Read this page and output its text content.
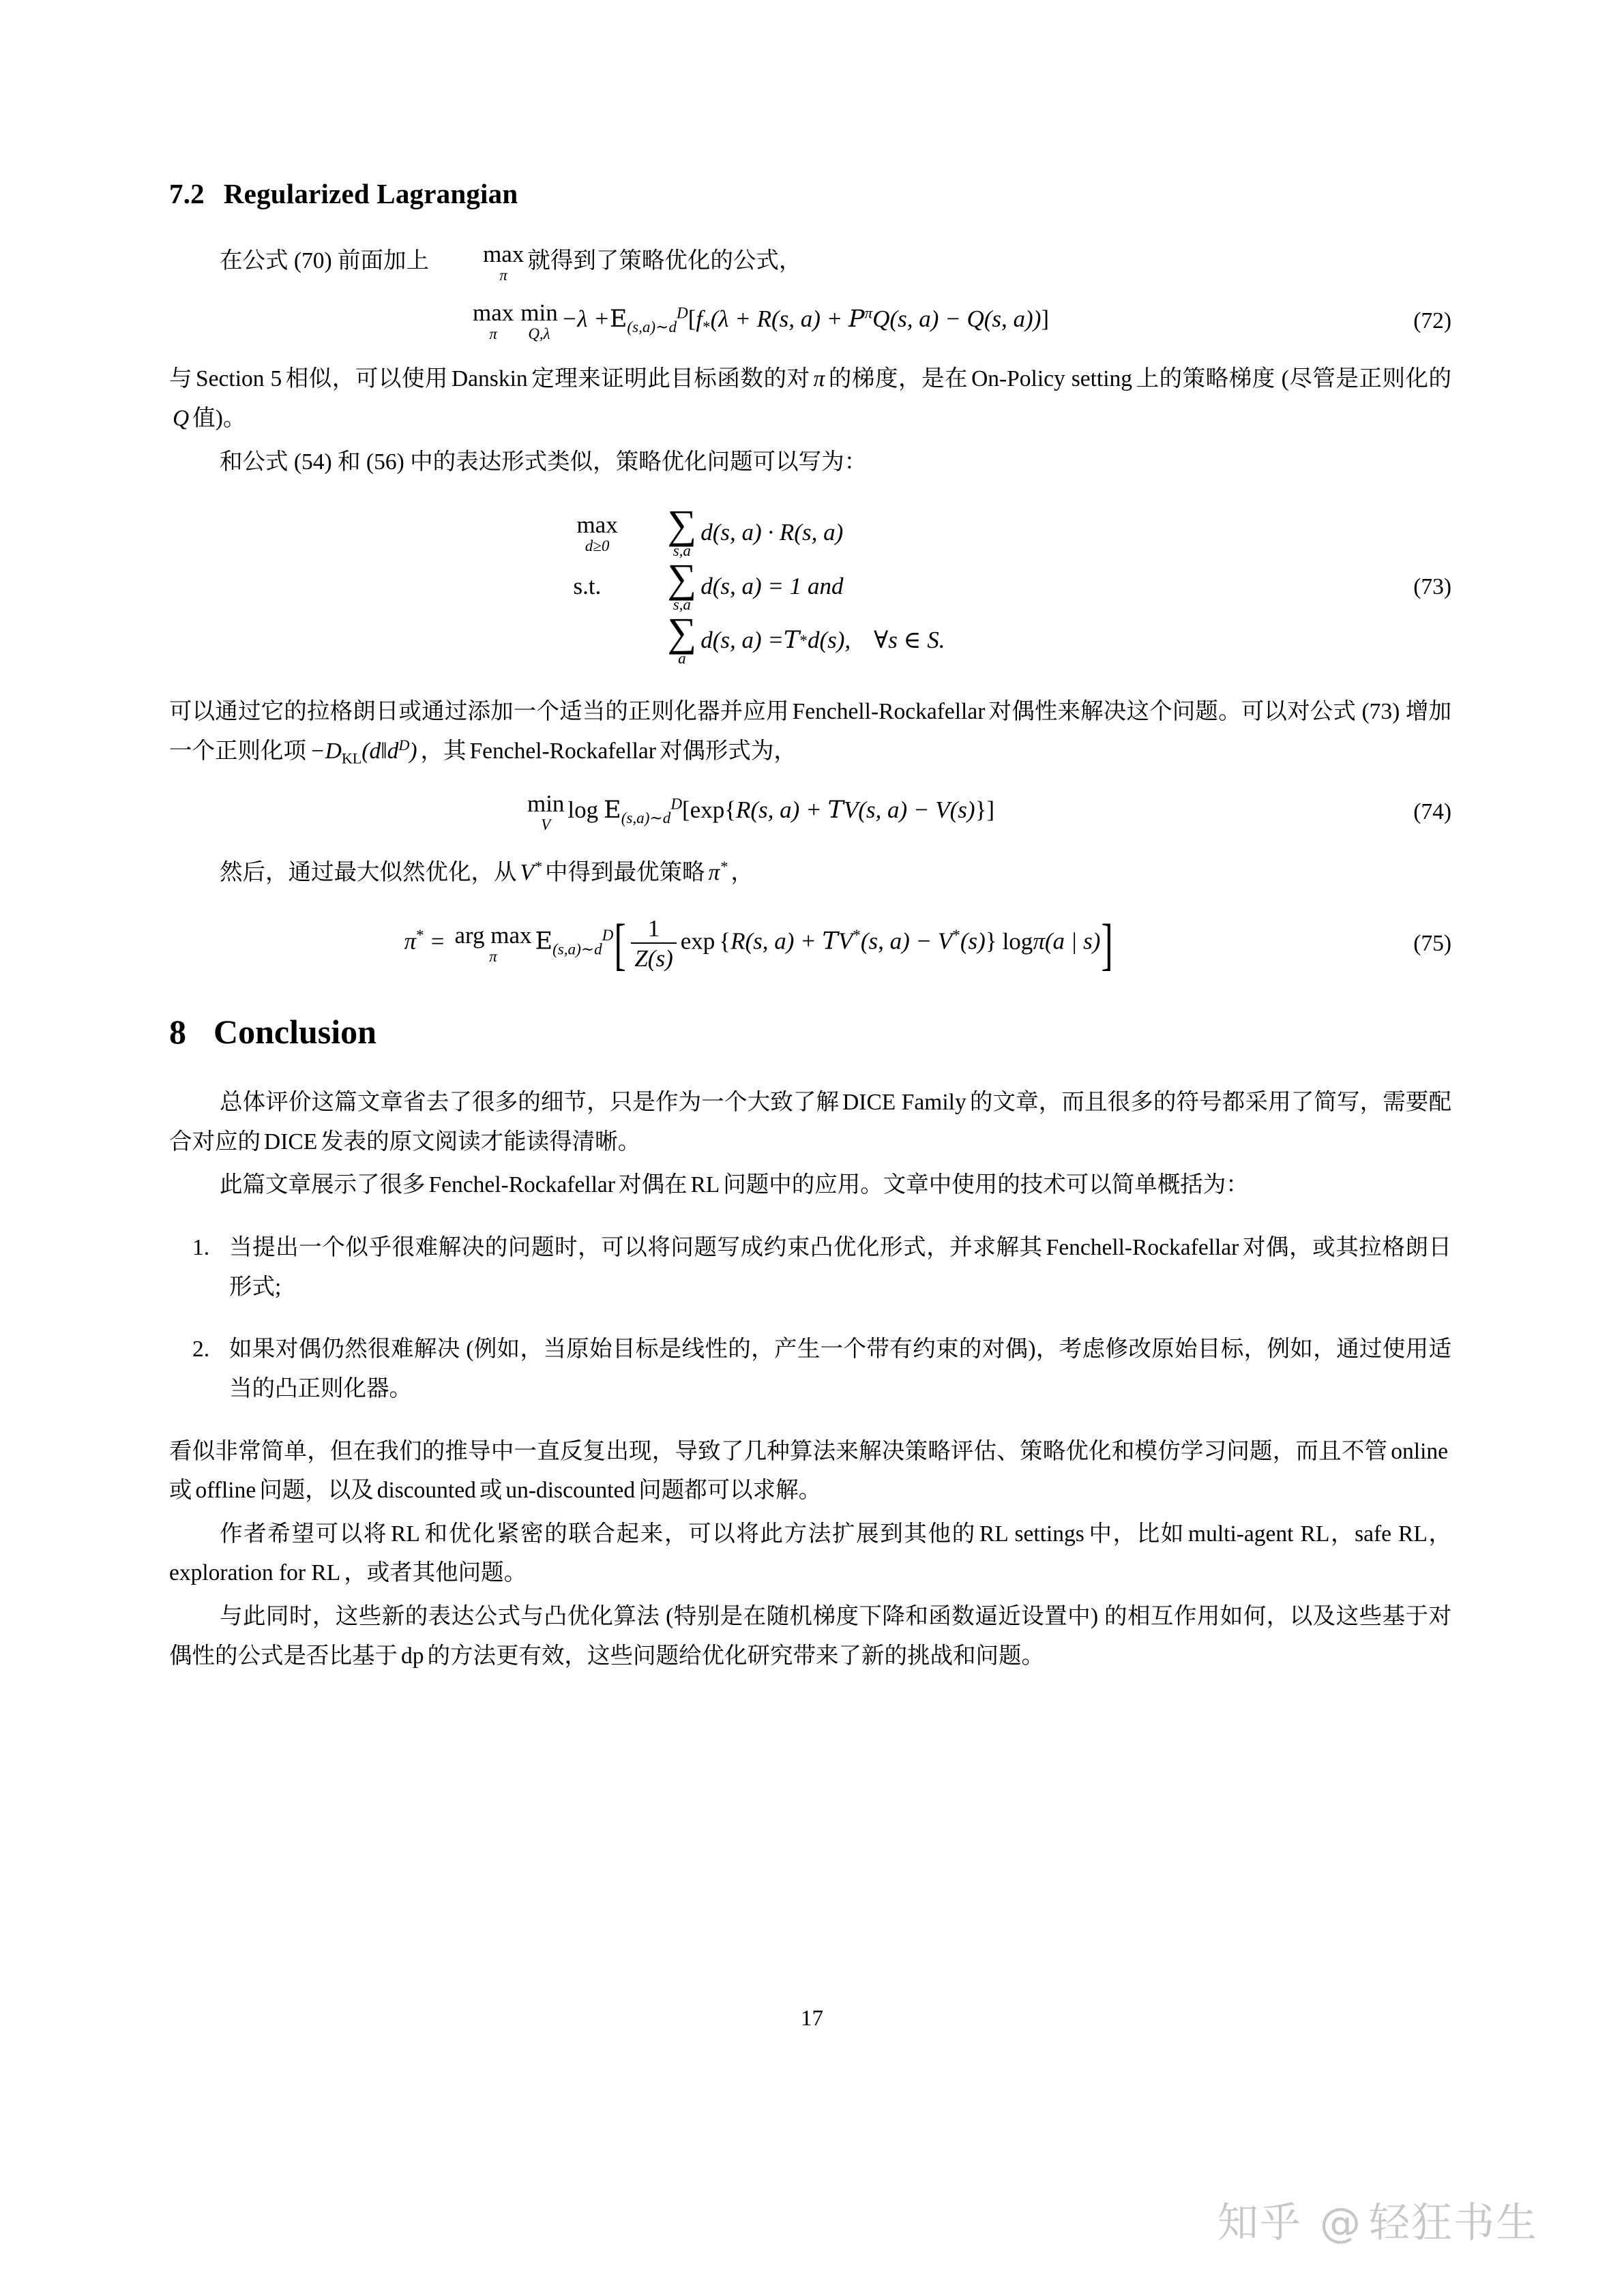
7.2 Regularized Lagrangian

在公式 (70) 前面加上	max
π
就得到了策略优化的公式，

max
π
min
Q,λ
$-\lambda +E_{(s,a)\sim d}^D[f_*(\lambda + R(s$, $a) + P^\pi Q(s$, a) − Q(s, a))]	(72)

与 Section 5 相似，可以使用 Danskin 定理来证明此目标函数的对 π 的梯度，是在 On-Policy setting 上的策略梯度 (尽管是正则化的Q 值)。

和公式 (54) 和 (56) 中的表达形式类似，策略优化问题可以写为：

max
d≥0 ∑
s,a
d(s, a) · R(s, a)
s.t.	∑
s,a
d(s, a) = 1 and
∑
a
d(s, a) = T * d(s), ∀s ∈ S.
(73)

可以通过它的拉格朗日或通过添加一个适当的正则化器并应用 Fenchell-Rockafellar 对偶性来解决这个问题。可以对公式 (73) 增加一个正则化项 $-D_{KL}(d‖d^D)$ ，其 Fenchel-Rockafellar 对偶形式为，

min
V
$\log E_{(s,a)\sim d}^D[\exp\{R(s$, a) + TV(s, a) − V(s)}]	(74)

然后，通过最大似然优化，从 V* 中得到最优策略 π* ，

π* = arg max
π
$E_{(s,a)\sim d}^D[ \frac{1}{Z(s)}$ exp {R(s, a) + TV*(s, a) − V*(s)} logπ(a | s)]	(75)
8 Conclusion

总体评价这篇文章省去了很多的细节，只是作为一个大致了解 DICE Family 的文章，而且很多的符号都采用了简写，需要配合对应的 DICE 发表的原文阅读才能读得清晰。

此篇文章展示了很多 Fenchel-Rockafellar 对偶在 RL 问题中的应用。文章中使用的技术可以简单概括为：

当提出一个似乎很难解决的问题时，可以将问题写成约束凸优化形式，并求解其 Fenchell-Rockafellar 对偶，或其拉格朗日形式;
如果对偶仍然很难解决 (例如，当原始目标是线性的，产生一个带有约束的对偶)，考虑修改原始目标，例如，通过使用适当的凸正则化器。

看似非常简单，但在我们的推导中一直反复出现，导致了几种算法来解决策略评估、策略优化和模仿学习问题，而且不管 online或 offline 问题，以及 discounted 或 un-discounted 问题都可以求解。

作者希望可以将 RL 和优化紧密的联合起来，可以将此方法扩展到其他的 RL settings 中，比如 multi-agent RL，safe RL，exploration for RL ，或者其他问题。

与此同时，这些新的表达公式与凸优化算法 (特别是在随机梯度下降和函数逼近设置中) 的相互作用如何，以及这些基于对偶性的公式是否比基于 dp 的方法更有效，这些问题给优化研究带来了新的挑战和问题。

17
知乎 @ 轻狂书生
